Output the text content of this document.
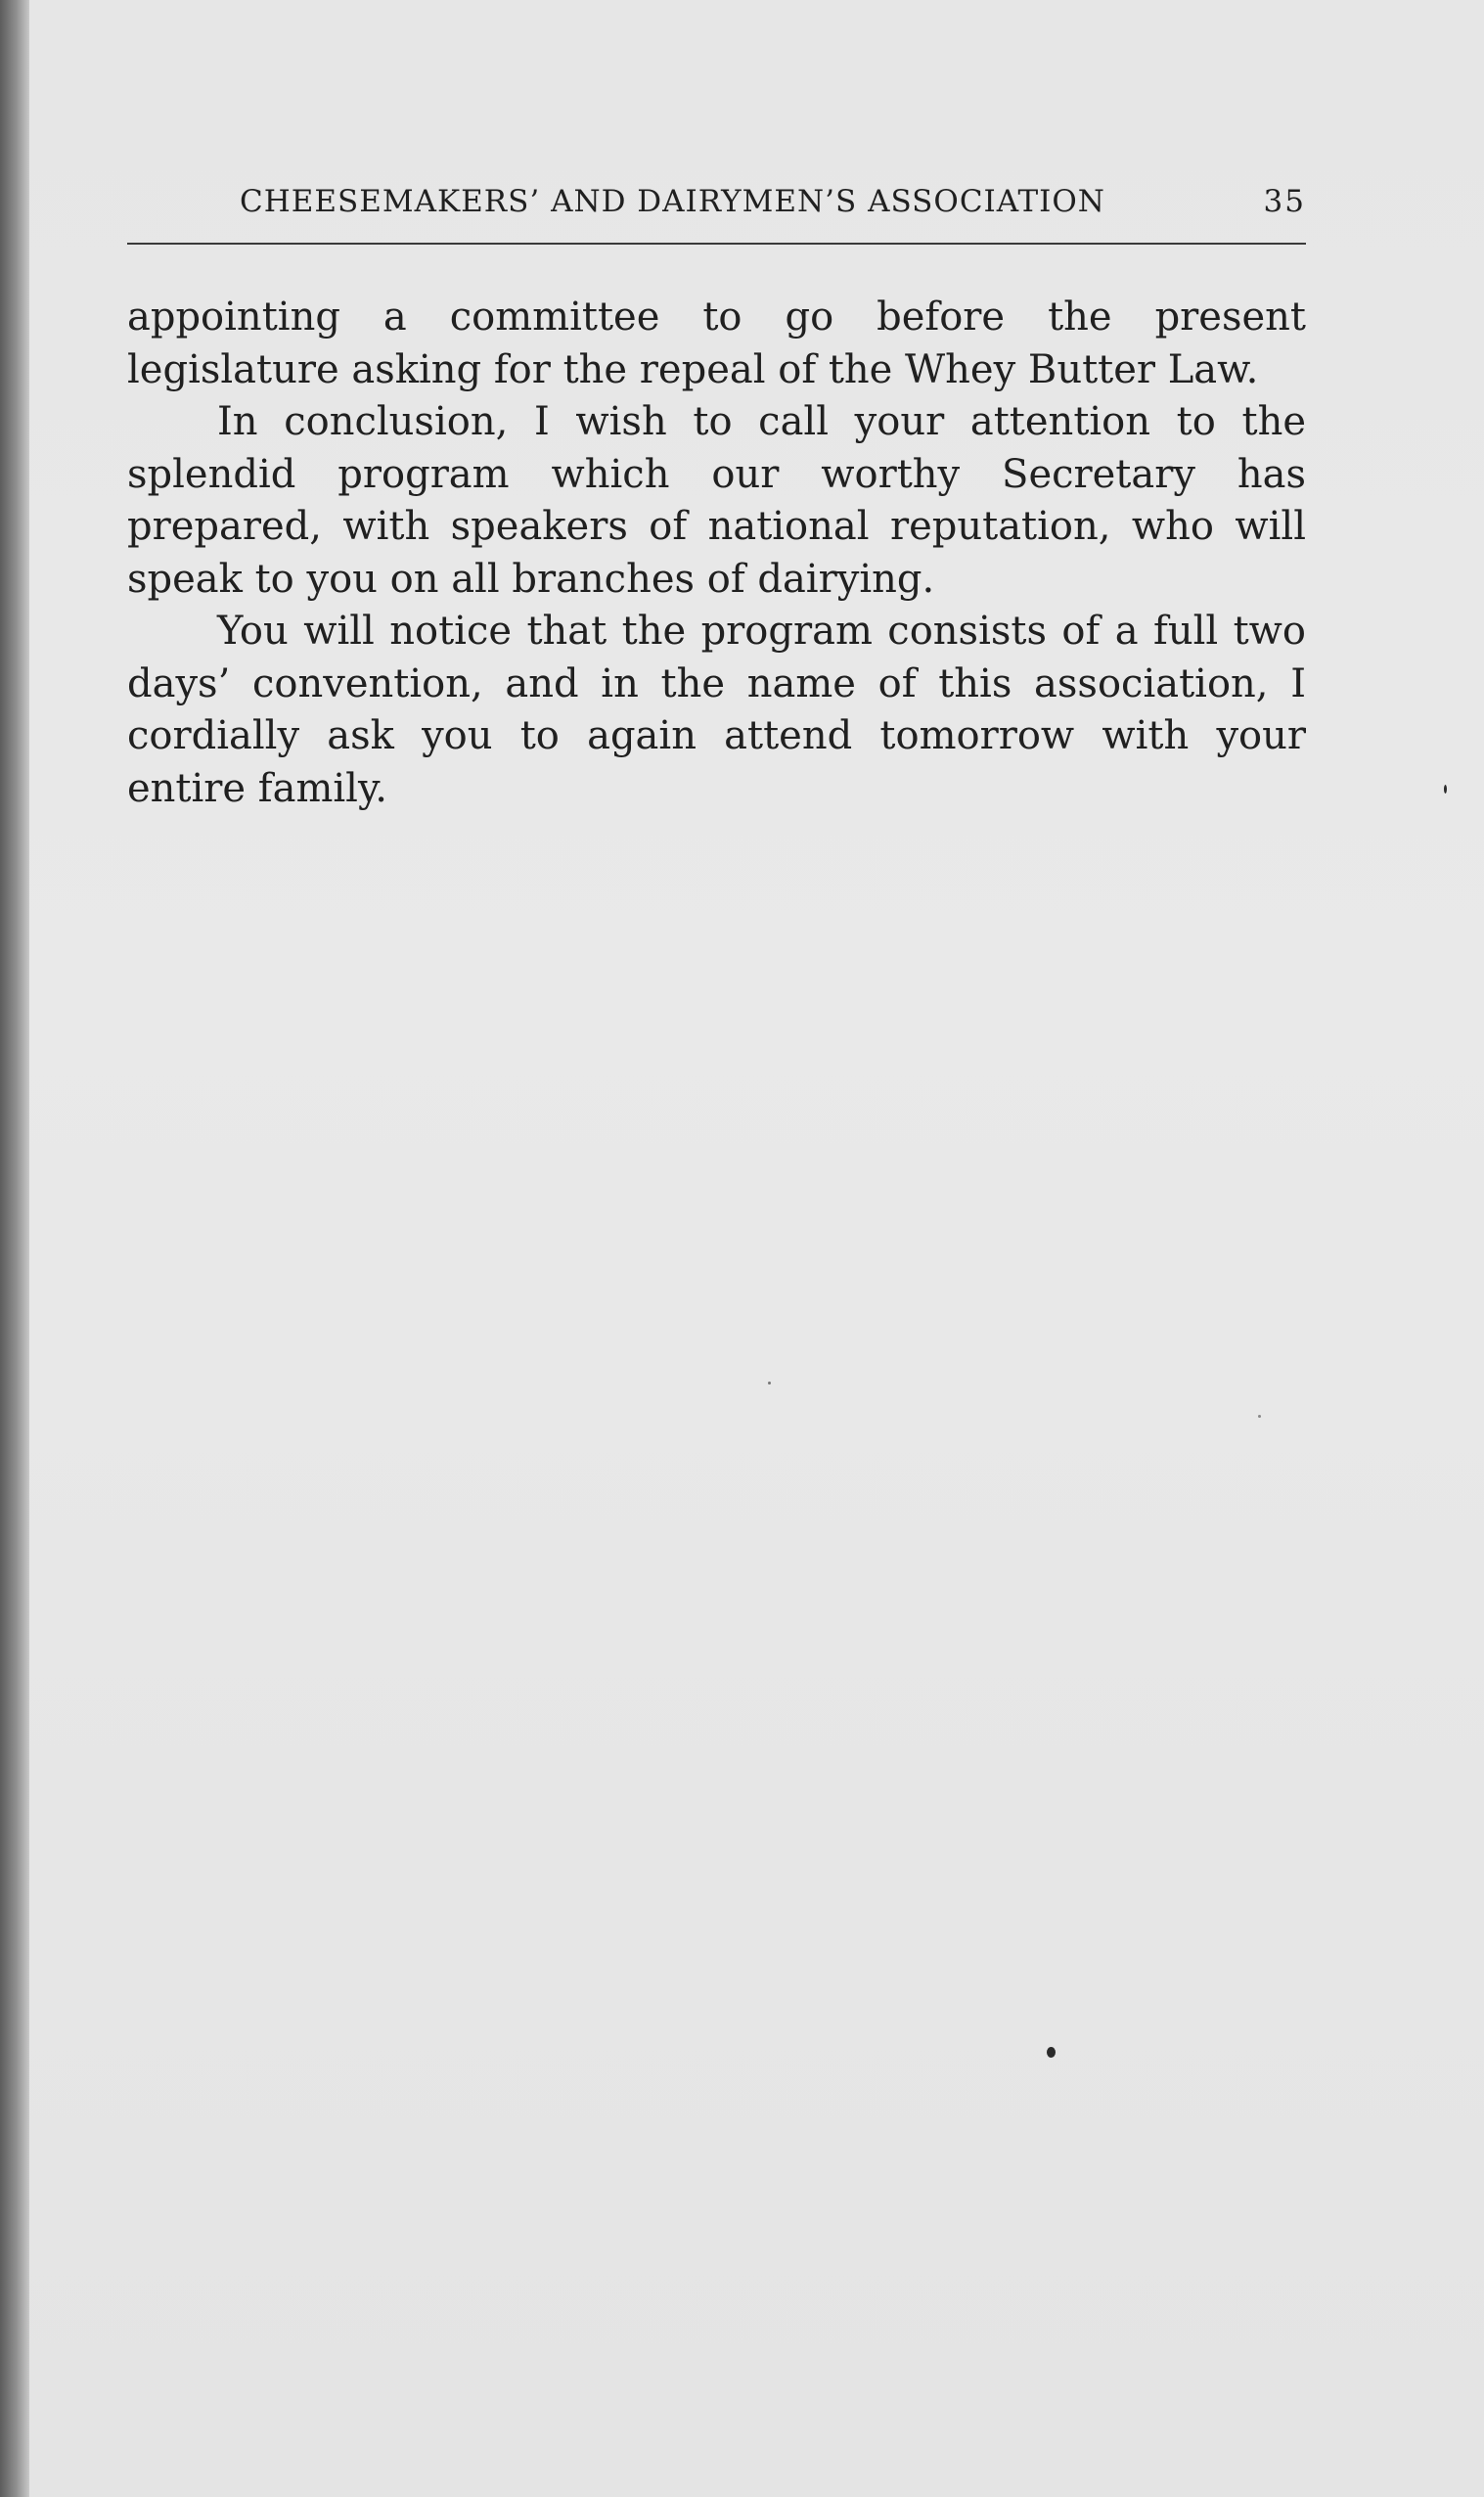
CHEESEMAKERS’ AND DAIRYMEN’S ASSOCIATION	35

appointing a committee to go before the present legislature asking for the repeal of the Whey Butter Law.

In conclusion, I wish to call your attention to the splendid program which our worthy Secretary has prepared, with speakers of national reputation, who will speak to you on all branches of dairying.

You will notice that the program consists of a full two days’ convention, and in the name of this association, I cordially ask you to again attend tomorrow with your entire family.
